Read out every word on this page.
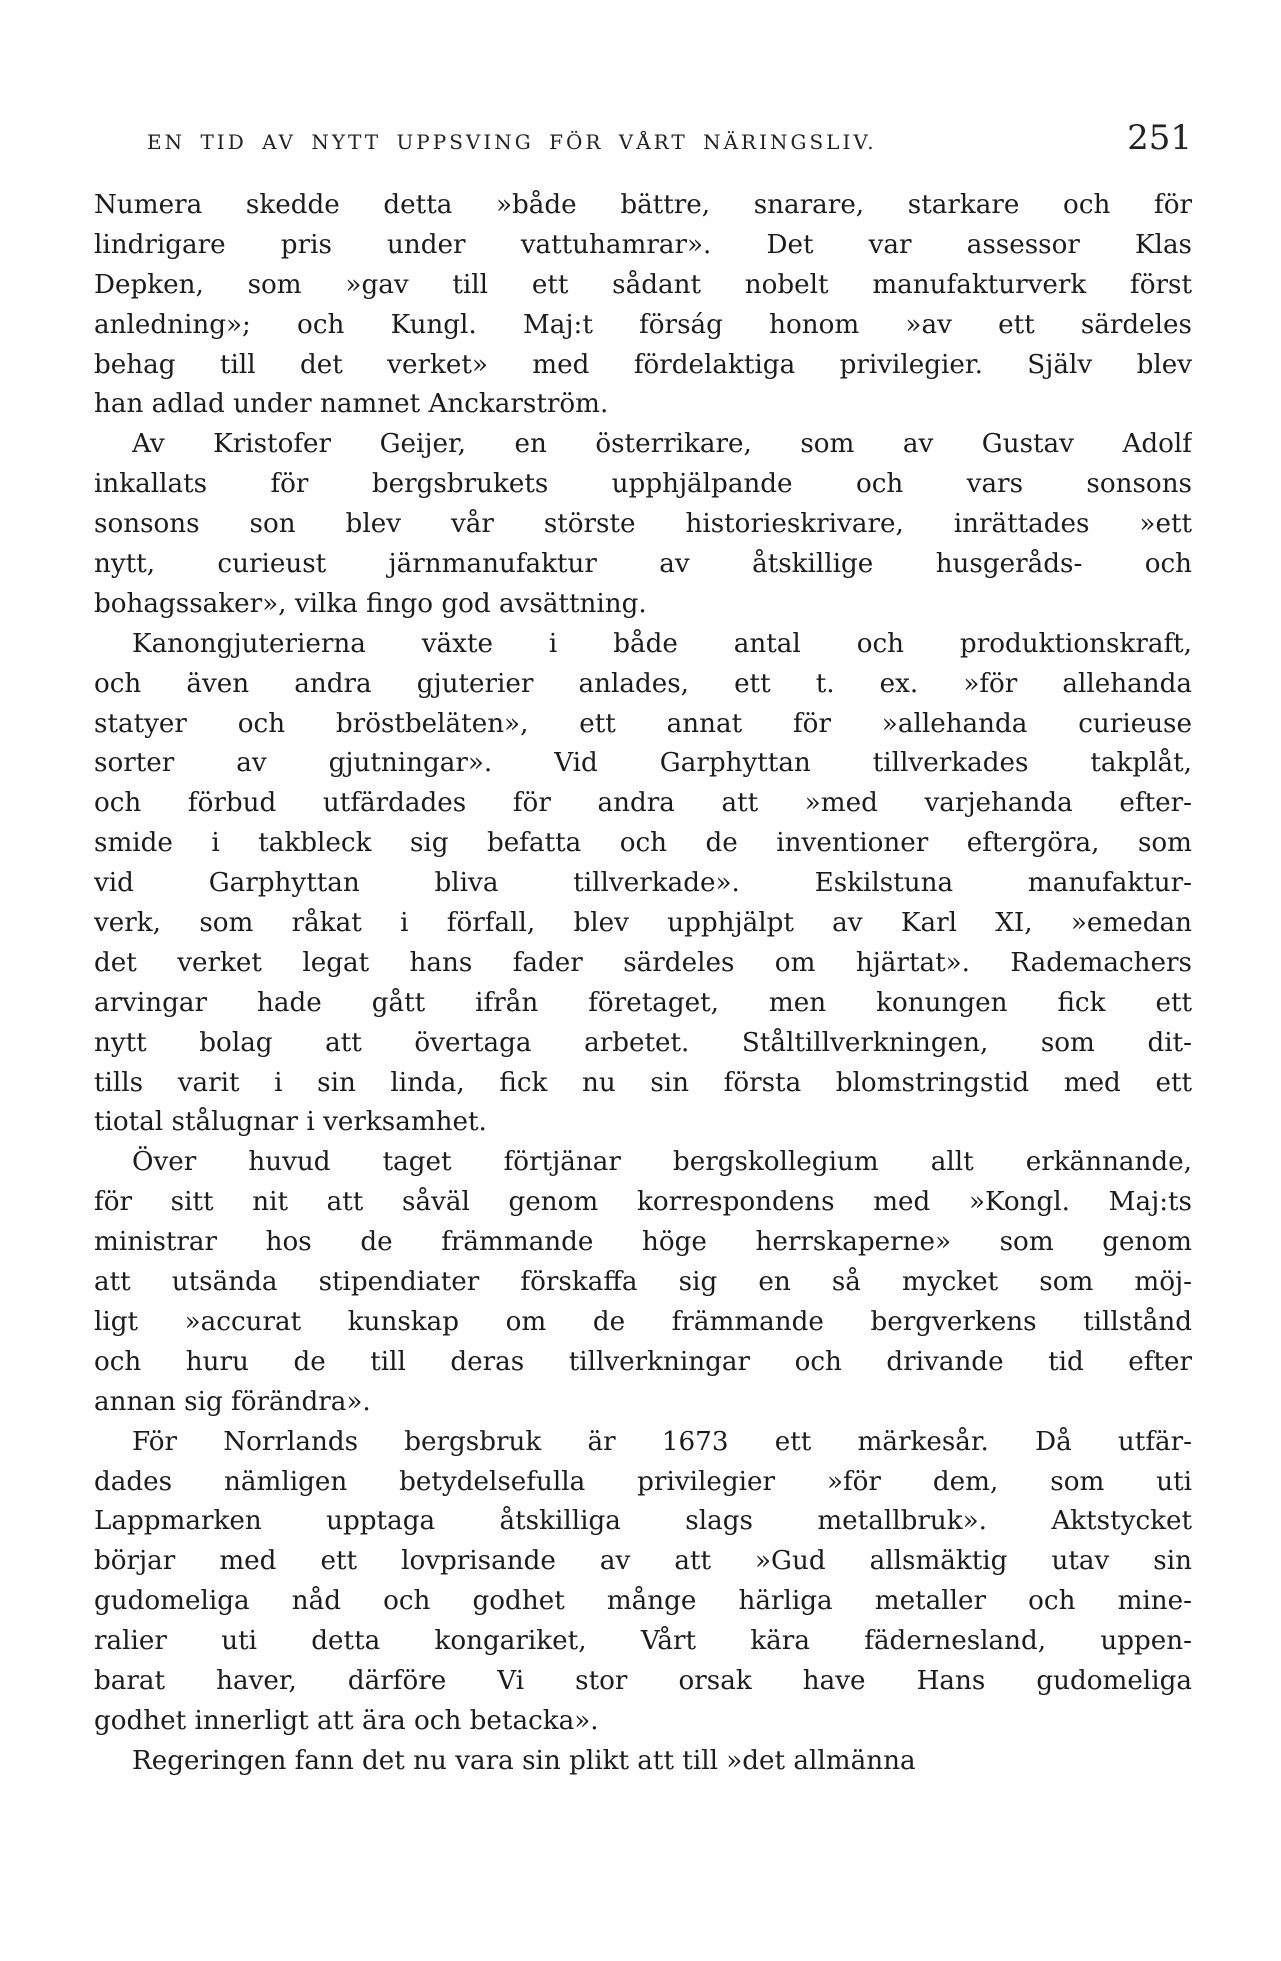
EN TID AV NYTT UPPSVING FÖR VÅRT NÄRINGSLIV.	251
Numera skedde detta »både bättre, snarare, starkare och för
lindrigare pris under vattuhamrar». Det var assessor Klas
Depken, som »gav till ett sådant nobelt manufakturverk först
anledning»; och Kungl. Maj:t förság honom »av ett särdeles
behag till det verket» med fördelaktiga privilegier. Själv blev
han adlad under namnet Anckarström.
Av Kristofer Geijer, en österrikare, som av Gustav Adolf
inkallats för bergsbrukets upphjälpande och vars sonsons
sonsons son blev vår störste historieskrivare, inrättades »ett
nytt, curieust järnmanufaktur av åtskillige husgeråds- och
bohagssaker», vilka fingo god avsättning.
Kanongjuterierna växte i både antal och produktionskraft,
och även andra gjuterier anlades, ett t. ex. »för allehanda
statyer och bröstbeläten», ett annat för »allehanda curieuse
sorter av gjutningar». Vid Garphyttan tillverkades takplåt,
och förbud utfärdades för andra att »med varjehanda efter-
smide i takbleck sig befatta och de inventioner eftergöra, som
vid Garphyttan bliva tillverkade». Eskilstuna manufaktur-
verk, som råkat i förfall, blev upphjälpt av Karl XI, »emedan
det verket legat hans fader särdeles om hjärtat». Rademachers
arvingar hade gått ifrån företaget, men konungen fick ett
nytt bolag att övertaga arbetet. Ståltillverkningen, som dit-
tills varit i sin linda, fick nu sin första blomstringstid med ett
tiotal stålugnar i verksamhet.
Över huvud taget förtjänar bergskollegium allt erkännande,
för sitt nit att såväl genom korrespondens med »Kongl. Maj:ts
ministrar hos de främmande höge herrskaperne» som genom
att utsända stipendiater förskaffa sig en så mycket som möj-
ligt »accurat kunskap om de främmande bergverkens tillstånd
och huru de till deras tillverkningar och drivande tid efter
annan sig förändra».
För Norrlands bergsbruk är 1673 ett märkesår. Då utfär-
dades nämligen betydelsefulla privilegier »för dem, som uti
Lappmarken upptaga åtskilliga slags metallbruk». Aktstycket
börjar med ett lovprisande av att »Gud allsmäktig utav sin
gudomeliga nåd och godhet månge härliga metaller och mine-
ralier uti detta kongariket, Vårt kära fädernesland, uppen-
barat haver, därföre Vi stor orsak have Hans gudomeliga
godhet innerligt att ära och betacka».
Regeringen fann det nu vara sin plikt att till »det allmänna
